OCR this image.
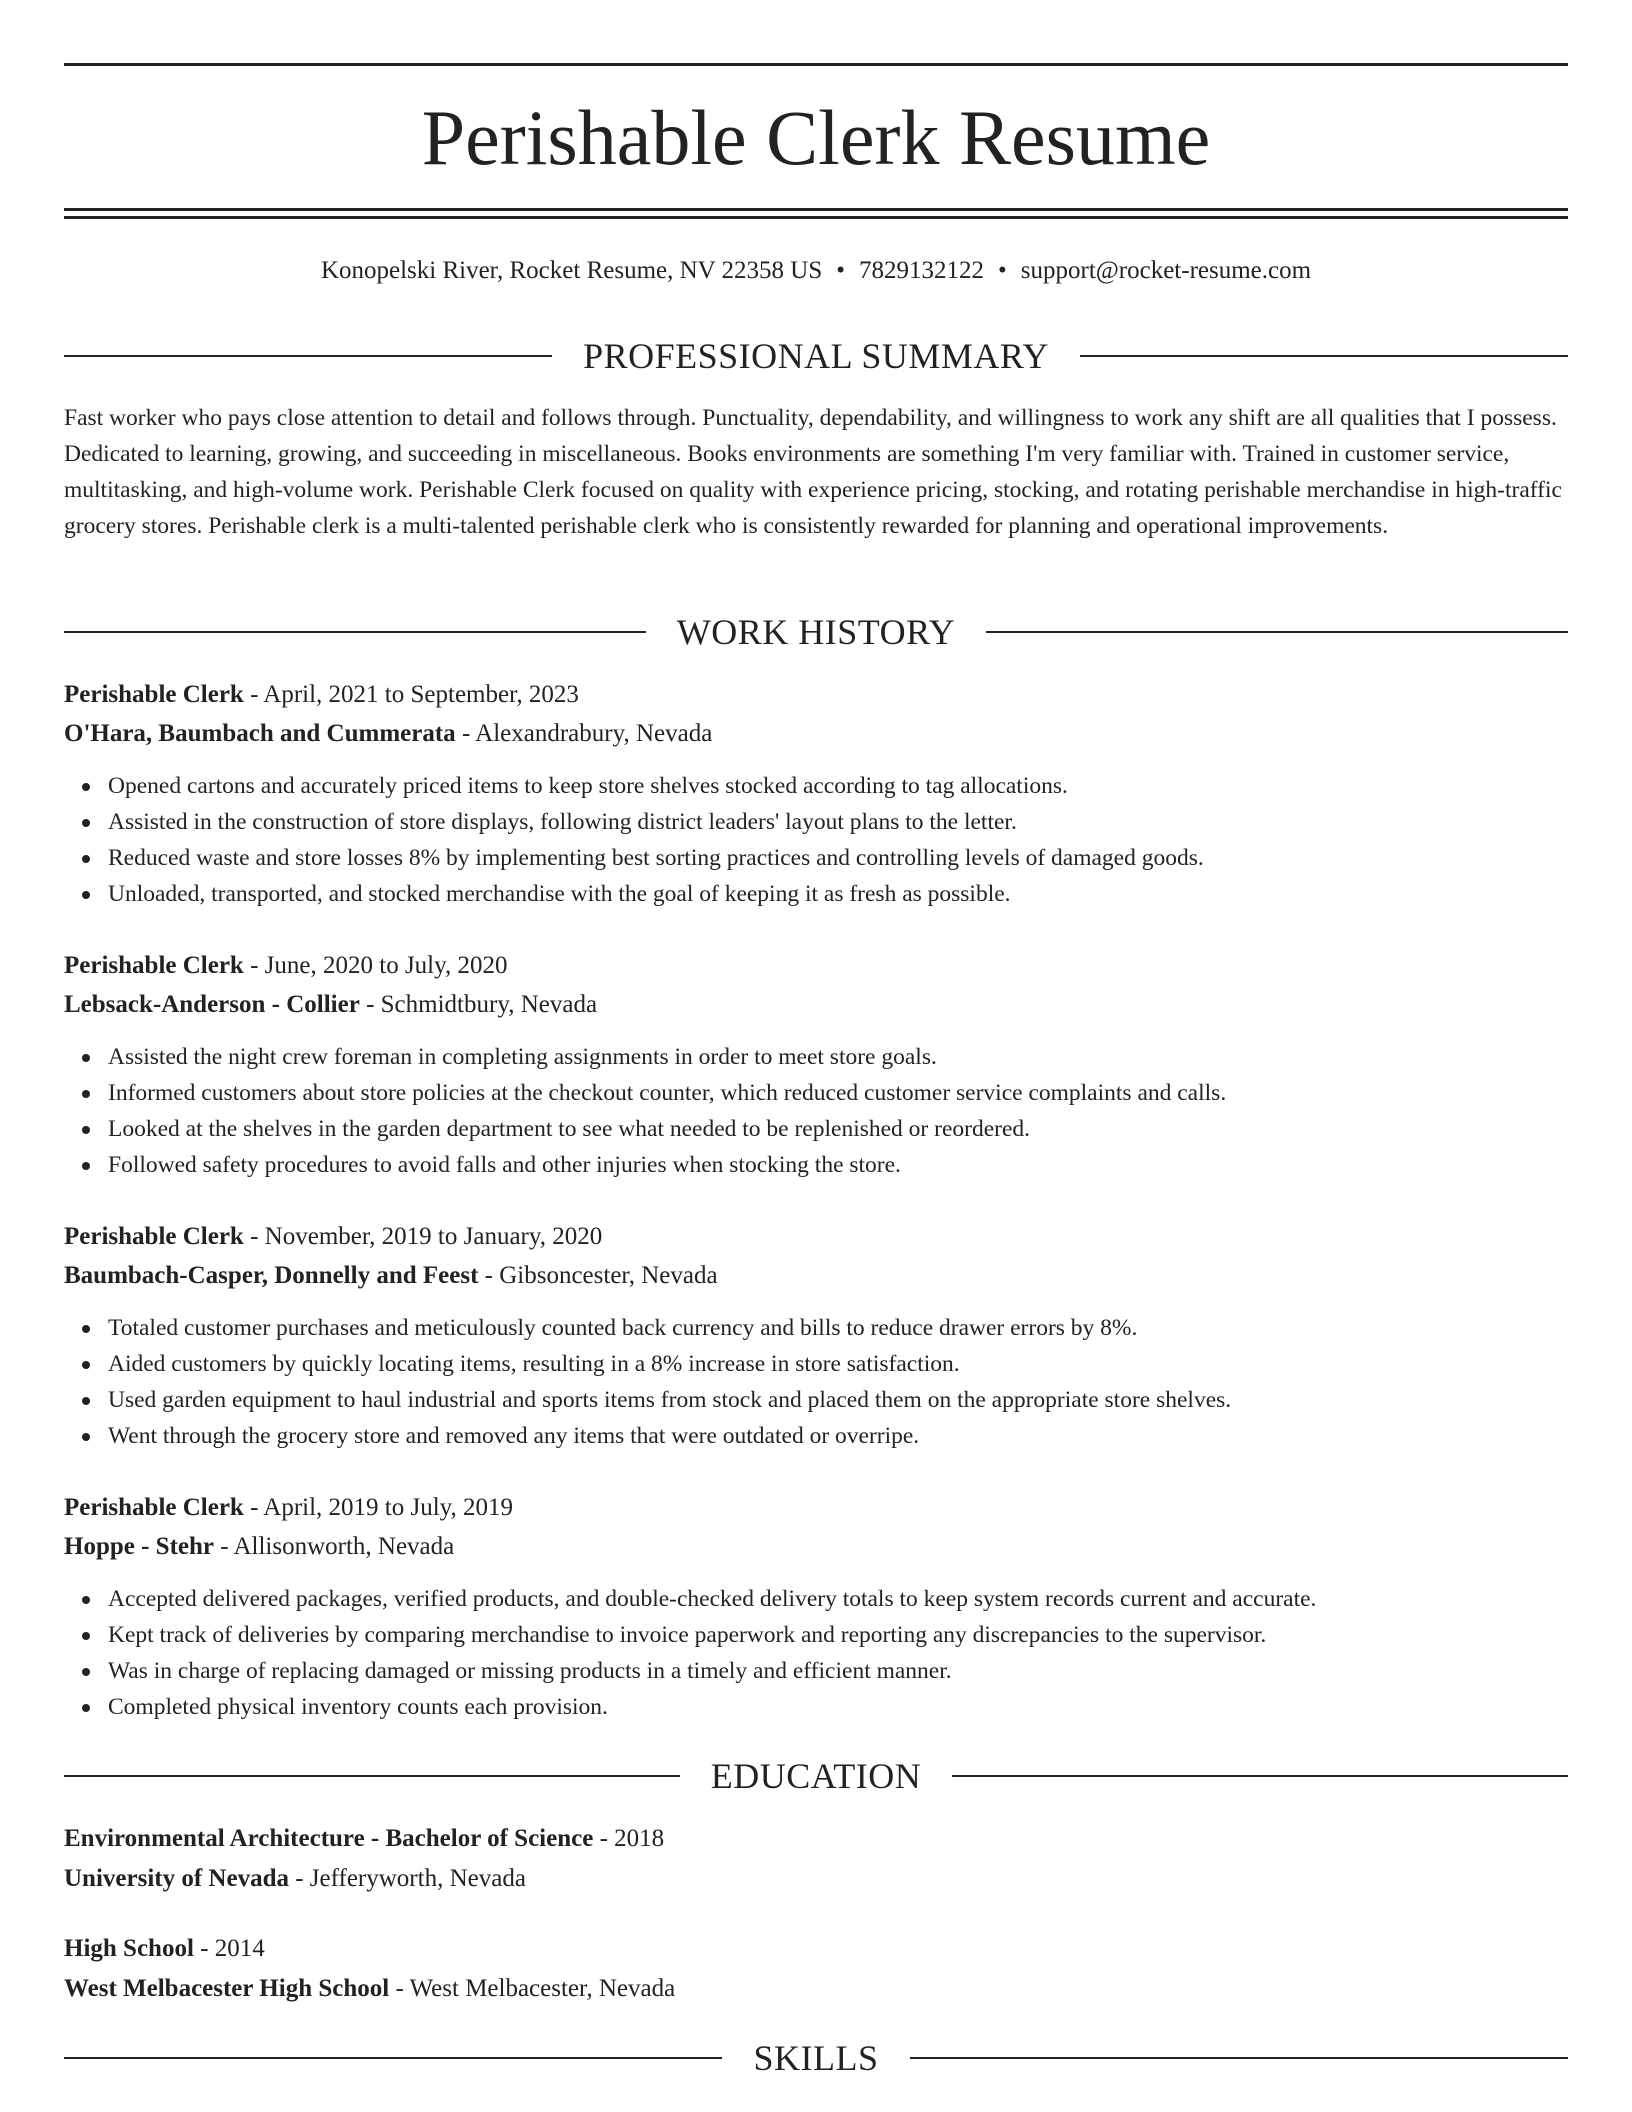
Perishable Clerk Resume
Konopelski River, Rocket Resume, NV 22358 US • 7829132122 • support@rocket-resume.com
PROFESSIONAL SUMMARY

Fast worker who pays close attention to detail and follows through. Punctuality, dependability, and willingness to work any shift are all qualities that I possess. Dedicated to learning, growing, and succeeding in miscellaneous. Books environments are something I'm very familiar with. Trained in customer service, multitasking, and high-volume work. Perishable Clerk focused on quality with experience pricing, stocking, and rotating perishable merchandise in high-traffic grocery stores. Perishable clerk is a multi-talented perishable clerk who is consistently rewarded for planning and operational improvements.

WORK HISTORY
Perishable Clerk - April, 2021 to September, 2023
O'Hara, Baumbach and Cummerata - Alexandrabury, Nevada
Opened cartons and accurately priced items to keep store shelves stocked according to tag allocations.
Assisted in the construction of store displays, following district leaders' layout plans to the letter.
Reduced waste and store losses 8% by implementing best sorting practices and controlling levels of damaged goods.
Unloaded, transported, and stocked merchandise with the goal of keeping it as fresh as possible.
Perishable Clerk - June, 2020 to July, 2020
Lebsack-Anderson - Collier - Schmidtbury, Nevada
Assisted the night crew foreman in completing assignments in order to meet store goals.
Informed customers about store policies at the checkout counter, which reduced customer service complaints and calls.
Looked at the shelves in the garden department to see what needed to be replenished or reordered.
Followed safety procedures to avoid falls and other injuries when stocking the store.
Perishable Clerk - November, 2019 to January, 2020
Baumbach-Casper, Donnelly and Feest - Gibsoncester, Nevada
Totaled customer purchases and meticulously counted back currency and bills to reduce drawer errors by 8%.
Aided customers by quickly locating items, resulting in a 8% increase in store satisfaction.
Used garden equipment to haul industrial and sports items from stock and placed them on the appropriate store shelves.
Went through the grocery store and removed any items that were outdated or overripe.
Perishable Clerk - April, 2019 to July, 2019
Hoppe - Stehr - Allisonworth, Nevada
Accepted delivered packages, verified products, and double-checked delivery totals to keep system records current and accurate.
Kept track of deliveries by comparing merchandise to invoice paperwork and reporting any discrepancies to the supervisor.
Was in charge of replacing damaged or missing products in a timely and efficient manner.
Completed physical inventory counts each provision.
EDUCATION
Environmental Architecture - Bachelor of Science - 2018
University of Nevada - Jefferyworth, Nevada
High School - 2014
West Melbacester High School - West Melbacester, Nevada
SKILLS
